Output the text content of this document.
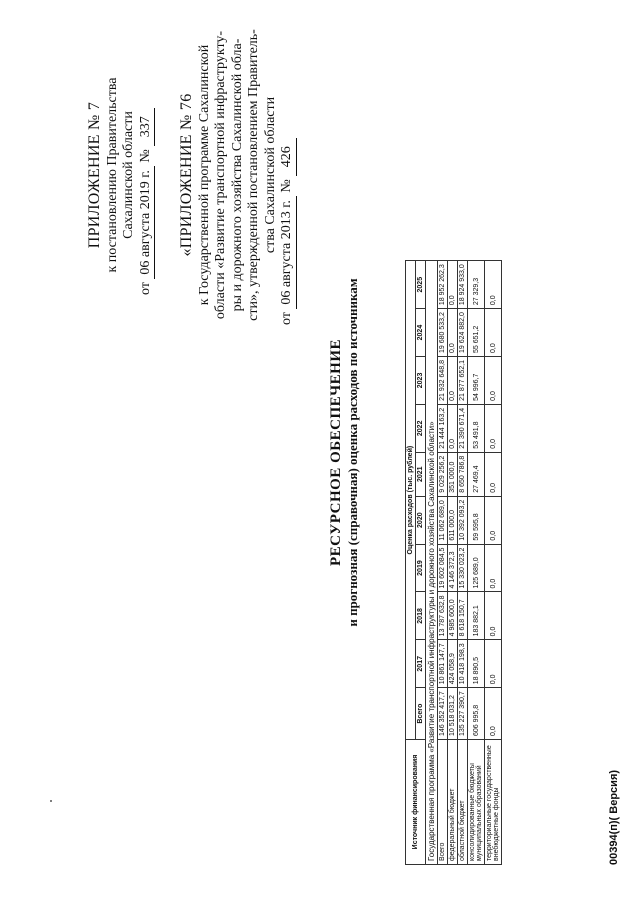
ПРИЛОЖЕНИЕ № 7 к постановлению Правительства Сахалинской области
от 06 августа 2019 г. № 337 «ПРИЛОЖЕНИЕ № 76 к Государственной программе Сахалинской области «Развитие транспортной инфраструкту- ры и дорожного хозяйства Сахалинской обла- сти», утвержденной постановлением Правитель- ства Сахалинской области
от 06 августа 2013 г. № 426
РЕСУРСНОЕ ОБЕСПЕЧЕНИЕ и прогнозная (справочная) оценка расходов по источникам
Источник финансирования	Оценка расходов (тыс. рублей)									
	Всего	2017	2018	2019	2020	2021	2022	2023	2024	2025
Государственная программа «Развитие транспортной инфраструктуры и дорожного хозяйства Сахалинской области»										
Всего	146 352 417,7	10 861 147,7	13 787 632,8	19 602 084,5	11 062 689,0	9 029 256,2	21 444 163,2	21 932 648,8	19 680 533,2	18 952 262,3
федеральный бюджет	10 518 031,2	424 058,9	4 985 600,0	4 146 372,3	611 000,0	351 000,0	0,0	0,0	0,0	0,0
областной бюджет	135 227 390,7	10 418 198,3	8 618 150,7	15 330 023,2	10 392 093,2	8 650 786,8	21 390 671,4	21 877 652,1	19 624 882,0	18 924 933,0
консолидированные бюджеты муниципальных образований	606 995,8	18 890,5	183 882,1	125 689,0	59 595,8	27 469,4	53 491,8	54 996,7	55 651,2	27 329,3
территориальные государственные внебюджетные фонды	0,0	0,0	0,0	0,0	0,0	0,0	0,0	0,0	0,0	0,0
00394(п)( Версия)
